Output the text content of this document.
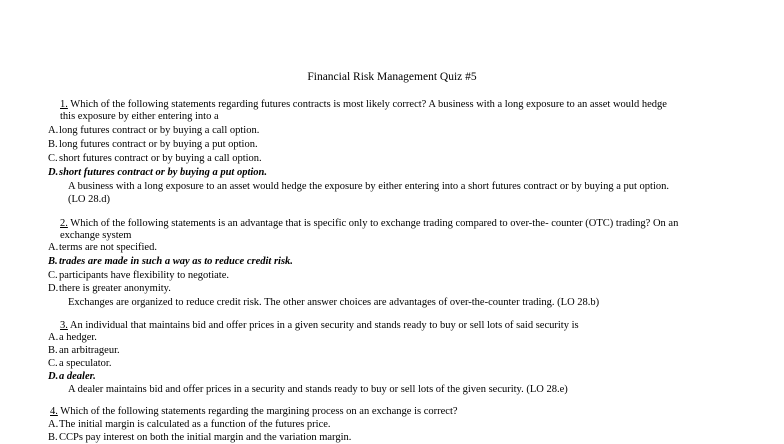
Financial Risk Management Quiz #5
1. Which of the following statements regarding futures contracts is most likely correct? A business with a long exposure to an asset would hedge
this exposure by either entering into a
A.long futures contract or by buying a call option.
B.long futures contract or by buying a put option.
C.short futures contract or by buying a call option.
D.short futures contract or by buying a put option.
A business with a long exposure to an asset would hedge the exposure by either entering into a short futures contract or by buying a put option.
(LO 28.d)
2. Which of the following statements is an advantage that is specific only to exchange trading compared to over-the- counter (OTC) trading? On an
exchange system
A.terms are not specified.
B.trades are made in such a way as to reduce credit risk.
C.participants have flexibility to negotiate.
D.there is greater anonymity.
Exchanges are organized to reduce credit risk. The other answer choices are advantages of over-the-counter trading. (LO 28.b)
3. An individual that maintains bid and offer prices in a given security and stands ready to buy or sell lots of said security is
A.a hedger.
B.an arbitrageur.
C.a speculator.
D.a dealer.
A dealer maintains bid and offer prices in a security and stands ready to buy or sell lots of the given security. (LO 28.e)
4. Which of the following statements regarding the margining process on an exchange is correct?
A.The initial margin is calculated as a function of the futures price.
B.CCPs pay interest on both the initial margin and the variation margin.
